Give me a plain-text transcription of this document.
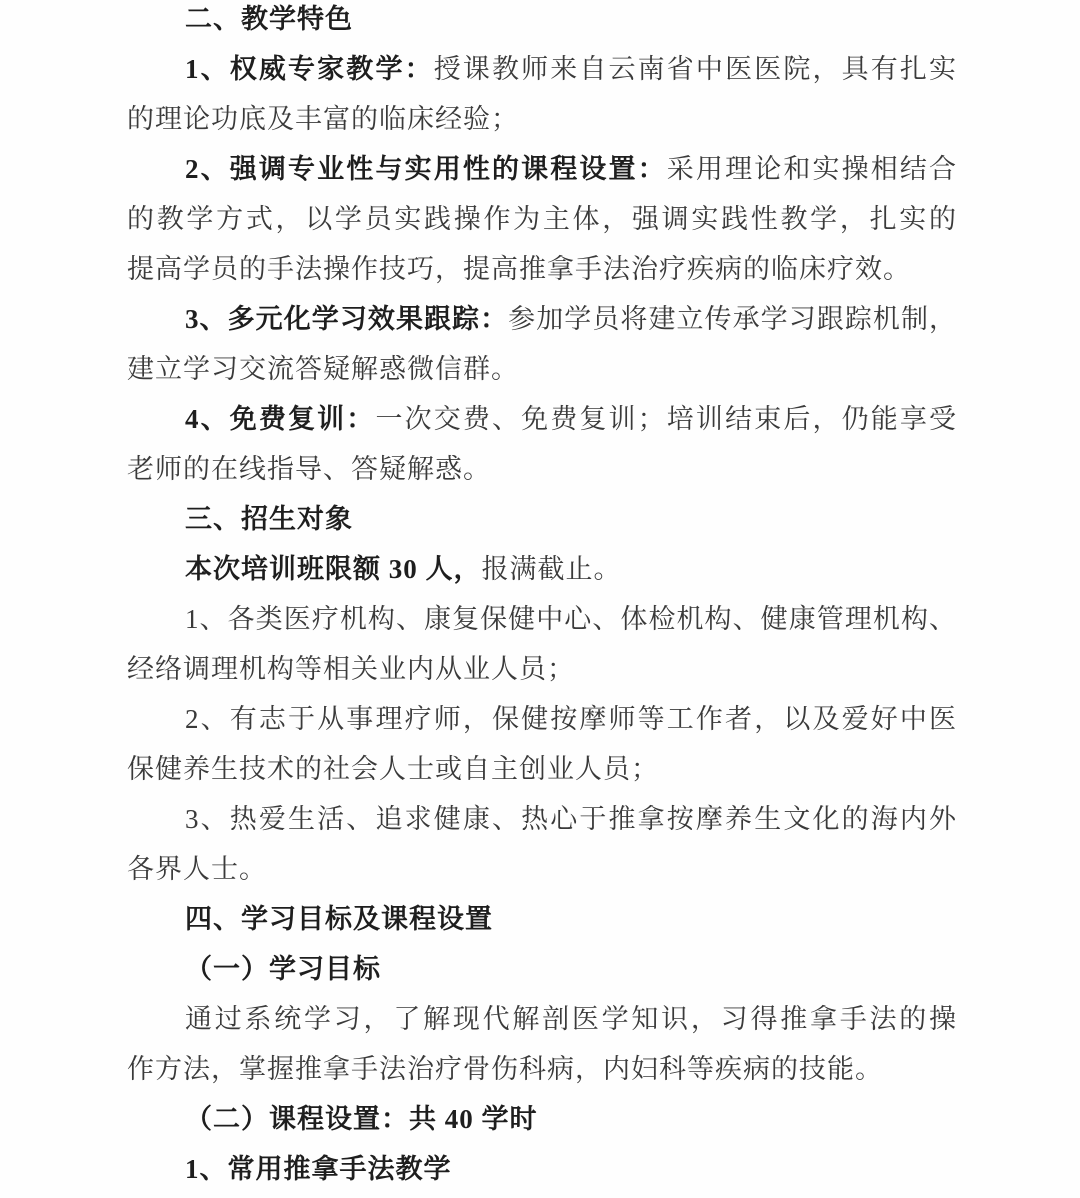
二、教学特色
1、权威专家教学：授课教师来自云南省中医医院，具有扎实
的理论功底及丰富的临床经验；
2、强调专业性与实用性的课程设置：采用理论和实操相结合
的教学方式，以学员实践操作为主体，强调实践性教学，扎实的
提高学员的手法操作技巧，提高推拿手法治疗疾病的临床疗效。
3、多元化学习效果跟踪：参加学员将建立传承学习跟踪机制，
建立学习交流答疑解惑微信群。
4、免费复训：一次交费、免费复训；培训结束后，仍能享受
老师的在线指导、答疑解惑。
三、招生对象
本次培训班限额 30 人，报满截止。
1、各类医疗机构、康复保健中心、体检机构、健康管理机构、
经络调理机构等相关业内从业人员；
2、有志于从事理疗师，保健按摩师等工作者，以及爱好中医
保健养生技术的社会人士或自主创业人员；
3、热爱生活、追求健康、热心于推拿按摩养生文化的海内外
各界人士。
四、学习目标及课程设置
（一）学习目标
通过系统学习，了解现代解剖医学知识，习得推拿手法的操
作方法，掌握推拿手法治疗骨伤科病，内妇科等疾病的技能。
（二）课程设置：共 40 学时
1、常用推拿手法教学
